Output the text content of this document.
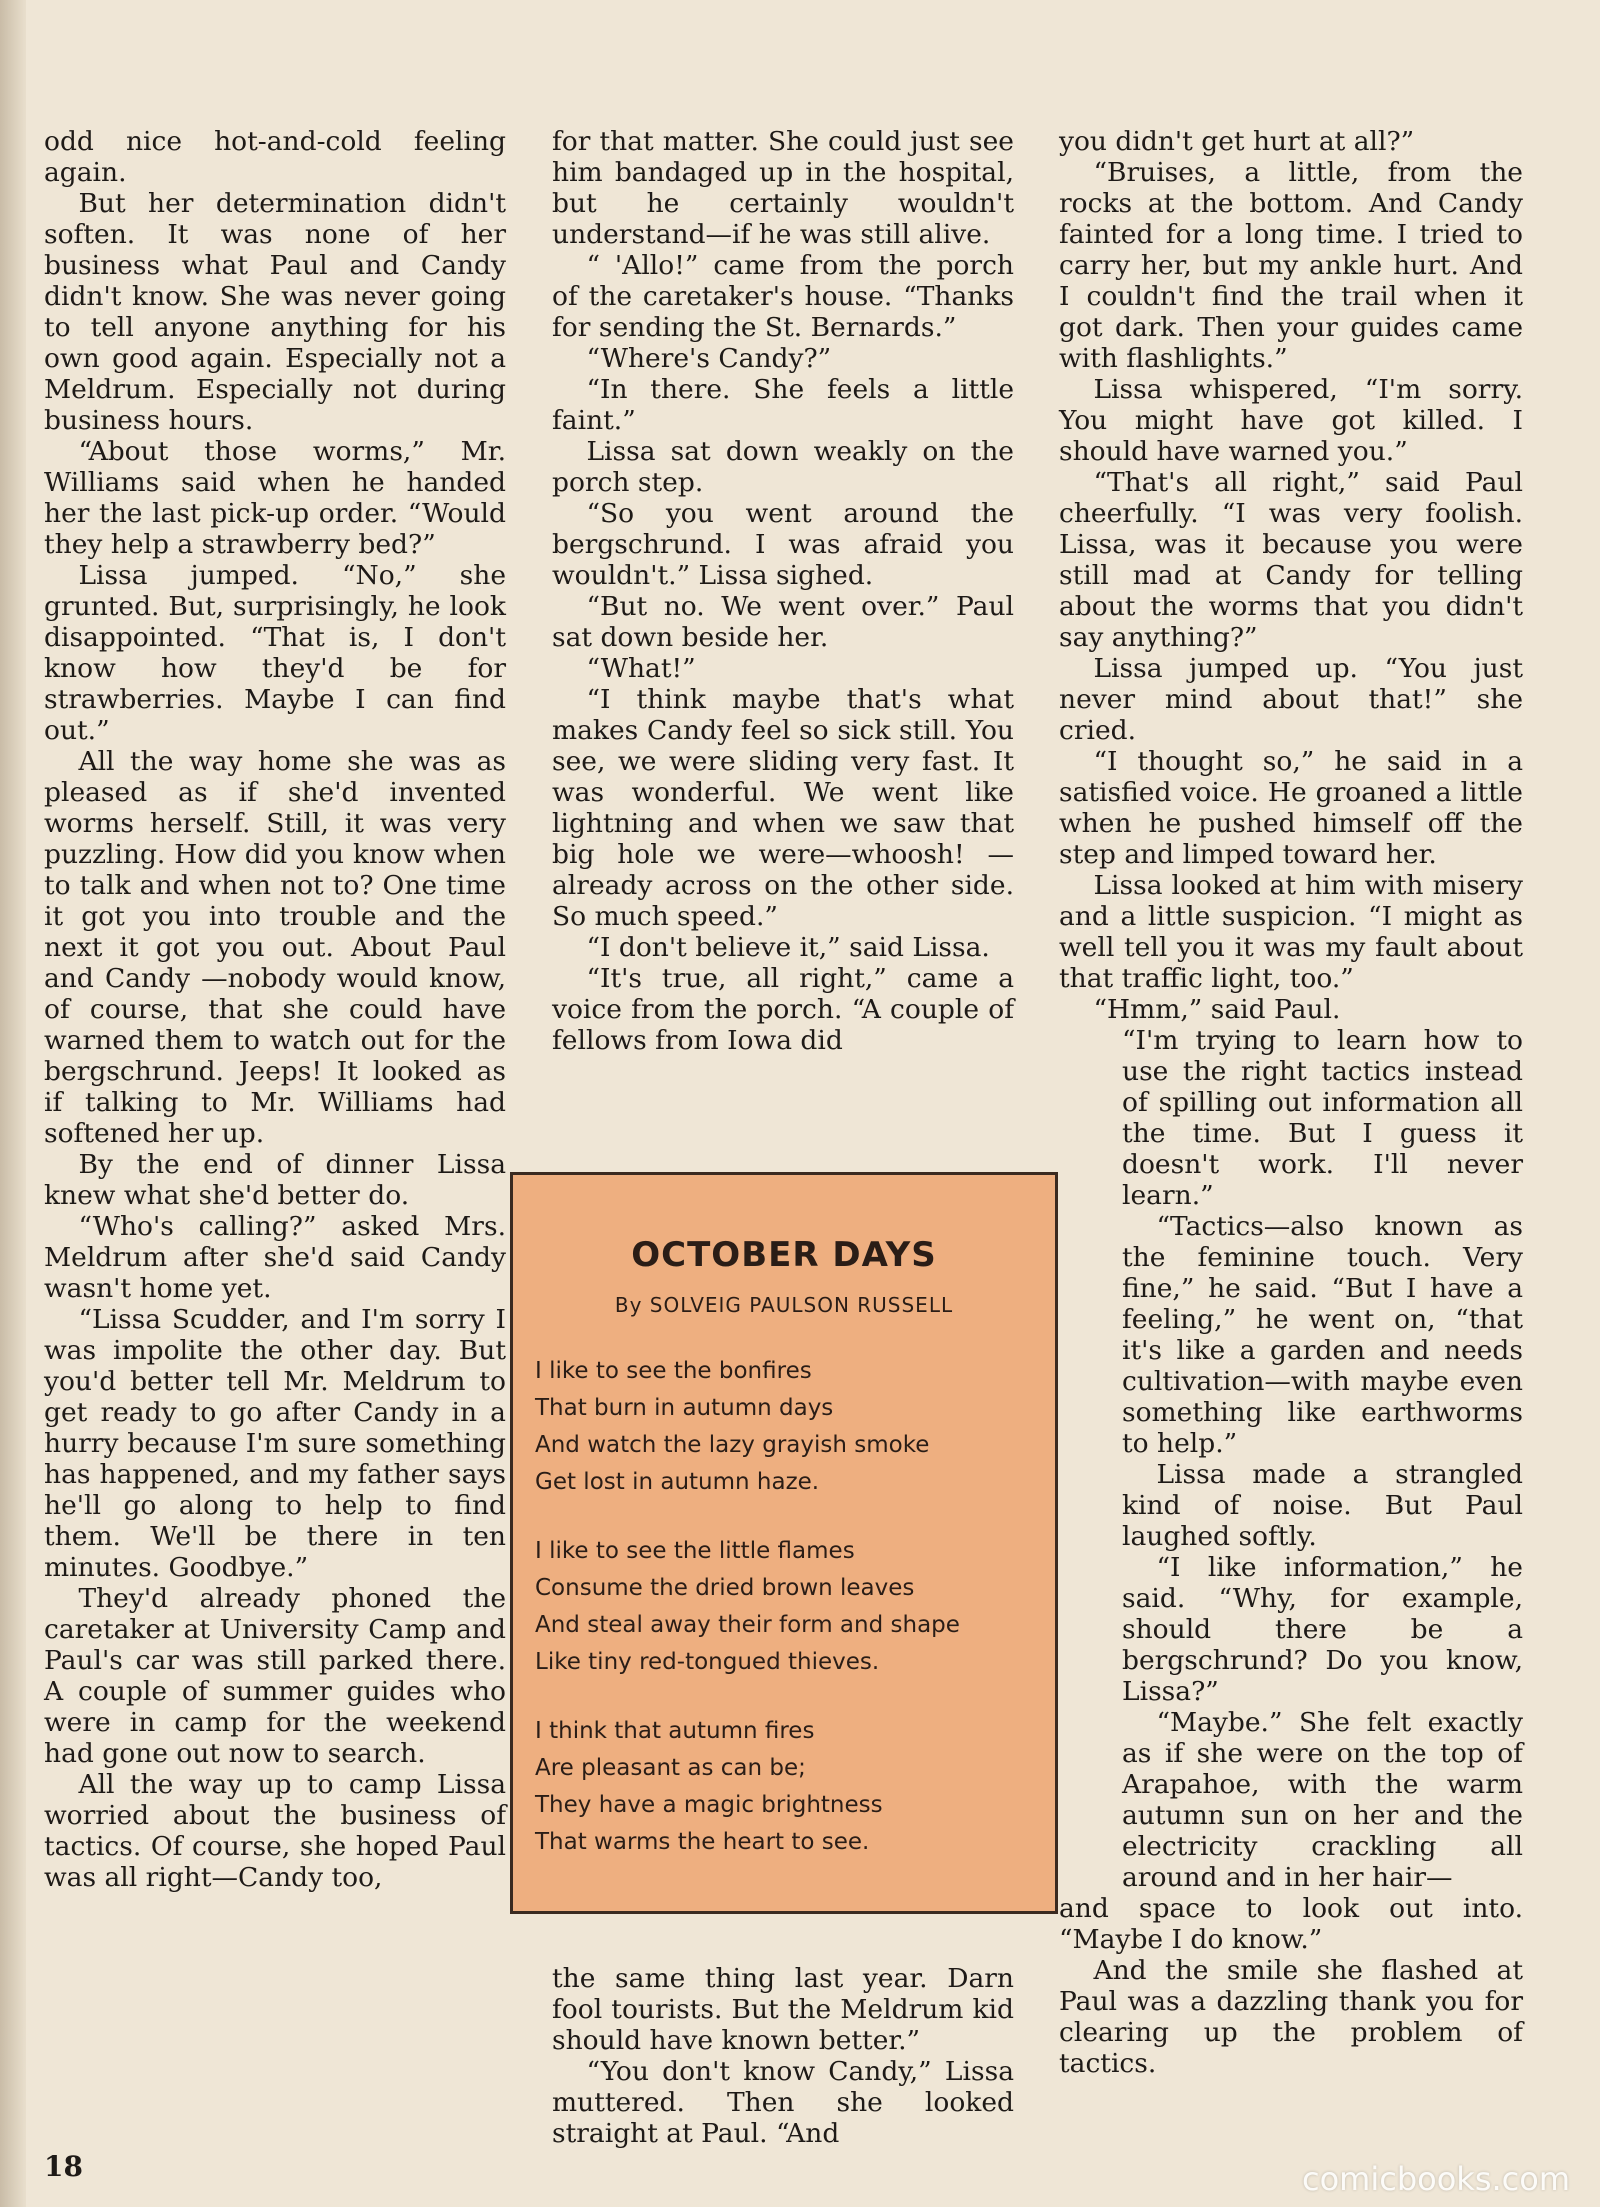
odd nice hot-and-cold feeling again.

But her determination didn't soften. It was none of her business what Paul and Candy didn't know. She was never going to tell anyone anything for his own good again. Especially not a Meldrum. Especially not during business hours.

“About those worms,” Mr. Williams said when he handed her the last pick-up order. “Would they help a strawberry bed?”

Lissa jumped. “No,” she grunted. But, surprisingly, he look disappointed. “That is, I don't know how they'd be for strawberries. Maybe I can find out.”

All the way home she was as pleased as if she'd invented worms herself. Still, it was very puzzling. How did you know when to talk and when not to? One time it got you into trouble and the next it got you out. About Paul and Candy —nobody would know, of course, that she could have warned them to watch out for the bergschrund. Jeeps! It looked as if talking to Mr. Williams had softened her up.

By the end of dinner Lissa knew what she'd better do.

“Who's calling?” asked Mrs. Meldrum after she'd said Candy wasn't home yet.

“Lissa Scudder, and I'm sorry I was impolite the other day. But you'd better tell Mr. Meldrum to get ready to go after Candy in a hurry because I'm sure something has happened, and my father says he'll go along to help to find them. We'll be there in ten minutes. Goodbye.”

They'd already phoned the caretaker at University Camp and Paul's car was still parked there. A couple of summer guides who were in camp for the weekend had gone out now to search.

All the way up to camp Lissa worried about the business of tactics. Of course, she hoped Paul was all right—Candy too,

for that matter. She could just see him bandaged up in the hospital, but he certainly wouldn't understand—if he was still alive.

“ 'Allo!” came from the porch of the caretaker's house. “Thanks for sending the St. Bernards.”

“Where's Candy?”

“In there. She feels a little faint.”

Lissa sat down weakly on the porch step.

“So you went around the bergschrund. I was afraid you wouldn't.” Lissa sighed.

“But no. We went over.” Paul sat down beside her.

“What!”

“I think maybe that's what makes Candy feel so sick still. You see, we were sliding very fast. It was wonderful. We went like lightning and when we saw that big hole we were—whoosh! —already across on the other side. So much speed.”

“I don't believe it,” said Lissa.

“It's true, all right,” came a voice from the porch. “A couple of fellows from Iowa did

OCTOBER DAYS
By SOLVEIG PAULSON RUSSELL
I like to see the bonfires
That burn in autumn days
And watch the lazy grayish smoke
Get lost in autumn haze.
I like to see the little flames
Consume the dried brown leaves
And steal away their form and shape
Like tiny red-tongued thieves.
I think that autumn fires
Are pleasant as can be;
They have a magic brightness
That warms the heart to see.

the same thing last year. Darn fool tourists. But the Meldrum kid should have known better.”

“You don't know Candy,” Lissa muttered. Then she looked straight at Paul. “And

you didn't get hurt at all?”

“Bruises, a little, from the rocks at the bottom. And Candy fainted for a long time. I tried to carry her, but my ankle hurt. And I couldn't find the trail when it got dark. Then your guides came with flashlights.”

Lissa whispered, “I'm sorry. You might have got killed. I should have warned you.”

“That's all right,” said Paul cheerfully. “I was very foolish. Lissa, was it because you were still mad at Candy for telling about the worms that you didn't say anything?”

Lissa jumped up. “You just never mind about that!” she cried.

“I thought so,” he said in a satisfied voice. He groaned a little when he pushed himself off the step and limped toward her.

Lissa looked at him with misery and a little suspicion. “I might as well tell you it was my fault about that traffic light, too.”

“Hmm,” said Paul.

“I'm trying to learn how to use the right tactics instead of spilling out information all the time. But I guess it doesn't work. I'll never learn.”

“Tactics—also known as the feminine touch. Very fine,” he said. “But I have a feeling,” he went on, “that it's like a garden and needs cultivation—with maybe even something like earthworms to help.”

Lissa made a strangled kind of noise. But Paul laughed softly.

“I like information,” he said. “Why, for example, should there be a bergschrund? Do you know, Lissa?”

“Maybe.” She felt exactly as if she were on the top of Arapahoe, with the warm autumn sun on her and the electricity crackling all around and in her hair—

and space to look out into. “Maybe I do know.”

And the smile she flashed at Paul was a dazzling thank you for clearing up the problem of tactics.

18	comicbooks.com
